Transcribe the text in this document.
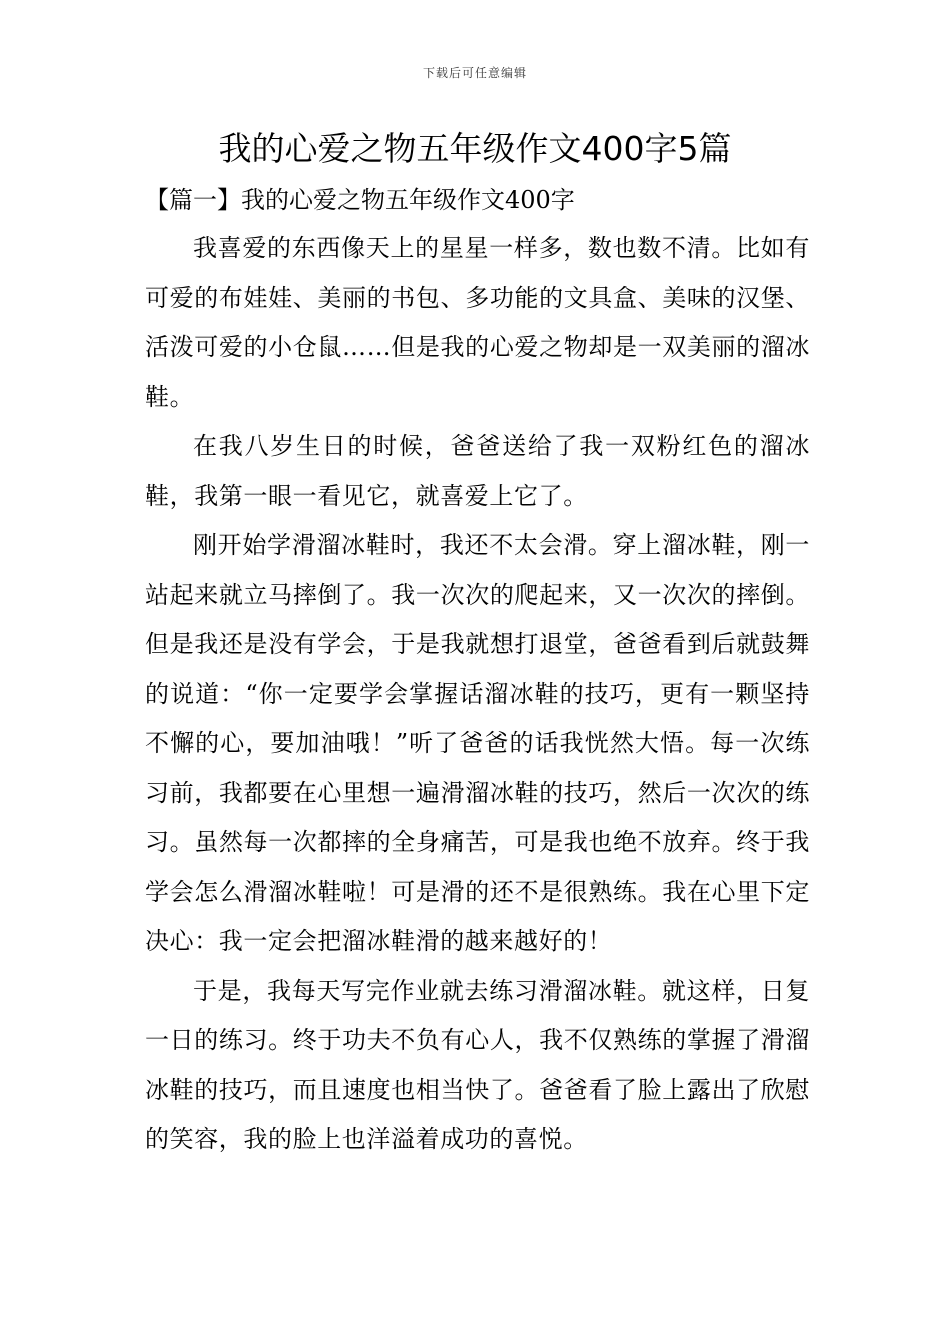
下载后可任意编辑
我的心爱之物五年级作文400字5篇
【篇一】我的心爱之物五年级作文400字

我喜爱的东西像天上的星星一样多，数也数不清。比如有可爱的布娃娃、美丽的书包、多功能的文具盒、美味的汉堡、活泼可爱的小仓鼠……但是我的心爱之物却是一双美丽的溜冰鞋。

在我八岁生日的时候，爸爸送给了我一双粉红色的溜冰鞋，我第一眼一看见它，就喜爱上它了。

刚开始学滑溜冰鞋时，我还不太会滑。穿上溜冰鞋，刚一站起来就立马摔倒了。我一次次的爬起来，又一次次的摔倒。但是我还是没有学会，于是我就想打退堂，爸爸看到后就鼓舞的说道：“你一定要学会掌握话溜冰鞋的技巧，更有一颗坚持不懈的心，要加油哦！”听了爸爸的话我恍然大悟。每一次练习前，我都要在心里想一遍滑溜冰鞋的技巧，然后一次次的练习。虽然每一次都摔的全身痛苦，可是我也绝不放弃。终于我学会怎么滑溜冰鞋啦！可是滑的还不是很熟练。我在心里下定决心：我一定会把溜冰鞋滑的越来越好的！

于是，我每天写完作业就去练习滑溜冰鞋。就这样，日复一日的练习。终于功夫不负有心人，我不仅熟练的掌握了滑溜冰鞋的技巧，而且速度也相当快了。爸爸看了脸上露出了欣慰的笑容，我的脸上也洋溢着成功的喜悦。
